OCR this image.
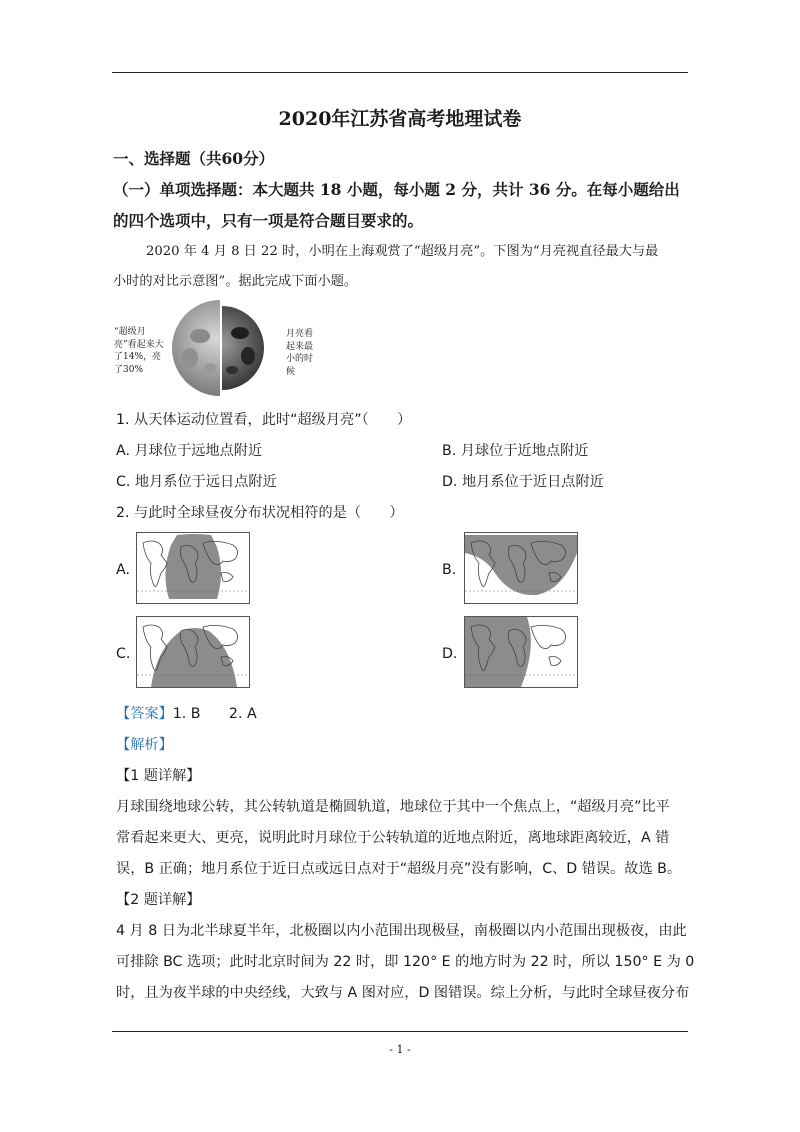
2020年江苏省高考地理试卷
一、选择题（共60分）
（一）单项选择题：本大题共 18 小题，每小题 2 分，共计 36 分。在每小题给出
的四个选项中，只有一项是符合题目要求的。
2020 年 4 月 8 日 22 时，小明在上海观赏了“超级月亮”。下图为“月亮视直径最大与最
小时的对比示意图”。据此完成下面小题。
“超级月亮”看起来大了14%，亮了30%
月亮看起来最小的时候
1. 从天体运动位置看，此时“超级月亮”（　　）
A. 月球位于远地点附近	B. 月球位于近地点附近
C. 地月系位于远日点附近	D. 地月系位于近日点附近
2. 与此时全球昼夜分布状况相符的是（　　）
A.	B.
C.	D.
【答案】1. B　　2. A
【解析】
【1 题详解】
月球围绕地球公转，其公转轨道是椭圆轨道，地球位于其中一个焦点上，“超级月亮”比平
常看起来更大、更亮，说明此时月球位于公转轨道的近地点附近，离地球距离较近，A 错
误，B 正确；地月系位于近日点或远日点对于“超级月亮”没有影响，C、D 错误。故选 B。
【2 题详解】
4 月 8 日为北半球夏半年，北极圈以内小范围出现极昼，南极圈以内小范围出现极夜，由此
可排除 BC 选项；此时北京时间为 22 时，即 120° E 的地方时为 22 时，所以 150° E 为 0
时，且为夜半球的中央经线，大致与 A 图对应，D 图错误。综上分析，与此时全球昼夜分布
- 1 -
